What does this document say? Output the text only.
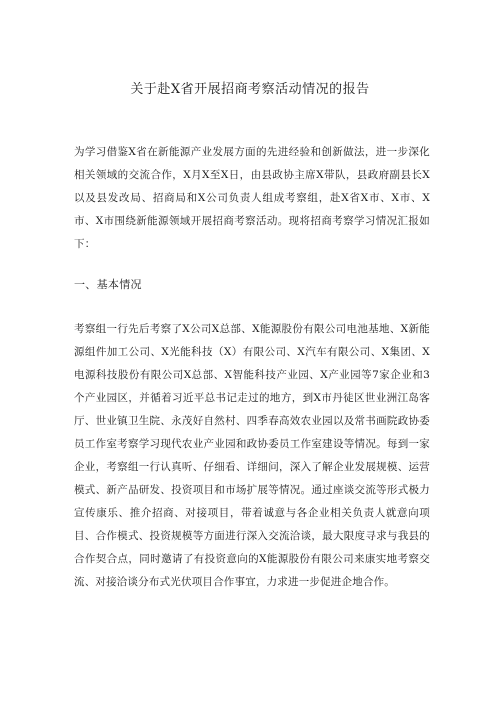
关于赴X省开展招商考察活动情况的报告

为学习借鉴X省在新能源产业发展方面的先进经验和创新做法，进一步深化相关领域的交流合作，X月X至X日，由县政协主席X带队，县政府副县长X以及县发改局、招商局和X公司负责人组成考察组，赴X省X市、X市、X市、X市围绕新能源领域开展招商考察活动。现将招商考察学习情况汇报如下：

一、基本情况

考察组一行先后考察了X公司X总部、X能源股份有限公司电池基地、X新能源组件加工公司、X光能科技（X）有限公司、X汽车有限公司、X集团、X电源科技股份有限公司X总部、X智能科技产业园、X产业园等7家企业和3个产业园区，并循着习近平总书记走过的地方，到X市丹徒区世业洲江岛客厅、世业镇卫生院、永茂好自然村、四季春高效农业园以及常书画院政协委员工作室考察学习现代农业产业园和政协委员工作室建设等情况。每到一家企业，考察组一行认真听、仔细看、详细问，深入了解企业发展规模、运营模式、新产品研发、投资项目和市场扩展等情况。通过座谈交流等形式极力宣传康乐、推介招商、对接项目，带着诚意与各企业相关负责人就意向项目、合作模式、投资规模等方面进行深入交流洽谈，最大限度寻求与我县的合作契合点，同时邀请了有投资意向的X能源股份有限公司来康实地考察交流、对接洽谈分布式光伏项目合作事宜，力求进一步促进企地合作。
